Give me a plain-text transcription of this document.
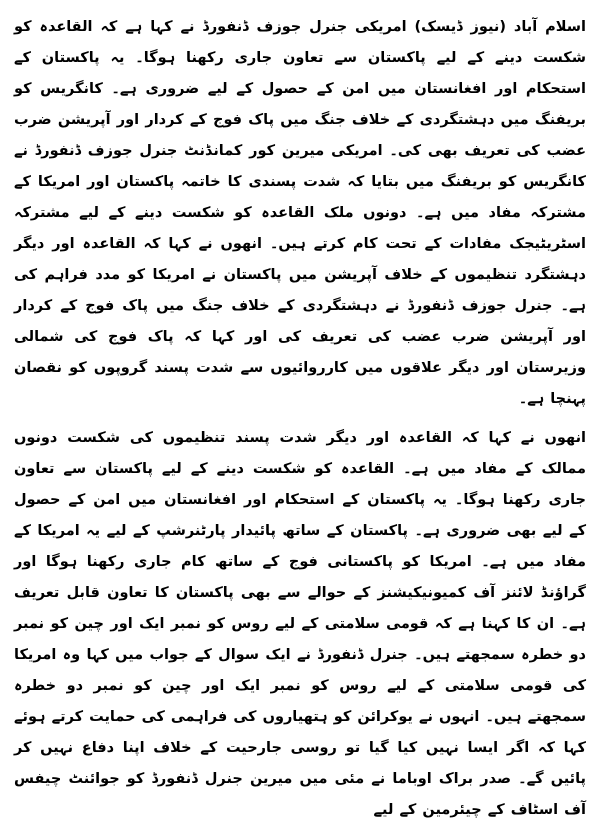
اسلام آباد (نیوز ڈیسک) امریکی جنرل جوزف ڈنفورڈ نے کہا ہے کہ القاعدہ کو شکست دینے کے لیے پاکستان سے تعاون جاری رکھنا ہوگا۔ یہ پاکستان کے استحکام اور افغانستان میں امن کے حصول کے لیے ضروری ہے۔ کانگریس کو بریفنگ میں دہشتگردی کے خلاف جنگ میں پاک فوج کے کردار اور آپریشن ضرب عضب کی تعریف بھی کی۔ امریکی میرین کور کمانڈنٹ جنرل جوزف ڈنفورڈ نے کانگریس کو بریفنگ میں بتایا کہ شدت پسندی کا خاتمہ پاکستان اور امریکا کے مشترکہ مفاد میں ہے۔ دونوں ملک القاعدہ کو شکست دینے کے لیے مشترکہ اسٹریٹیجک مفادات کے تحت کام کرتے ہیں۔ انھوں نے کہا کہ القاعدہ اور دیگر دہشتگرد تنظیموں کے خلاف آپریشن میں پاکستان نے امریکا کو مدد فراہم کی ہے۔ جنرل جوزف ڈنفورڈ نے دہشتگردی کے خلاف جنگ میں پاک فوج کے کردار اور آپریشن ضرب عضب کی تعریف کی اور کہا کہ پاک فوج کی شمالی وزیرستان اور دیگر علاقوں میں کارروائیوں سے شدت پسند گروپوں کو نقصان پہنچا ہے۔

انھوں نے کہا کہ القاعدہ اور دیگر شدت پسند تنظیموں کی شکست دونوں ممالک کے مفاد میں ہے۔ القاعدہ کو شکست دینے کے لیے پاکستان سے تعاون جاری رکھنا ہوگا۔ یہ پاکستان کے استحکام اور افغانستان میں امن کے حصول کے لیے بھی ضروری ہے۔ پاکستان کے ساتھ پائیدار پارٹنرشپ کے لیے یہ امریکا کے مفاد میں ہے۔ امریکا کو پاکستانی فوج کے ساتھ کام جاری رکھنا ہوگا اور گراؤنڈ لائنز آف کمیونیکیشنز کے حوالے سے بھی پاکستان کا تعاون قابل تعریف ہے۔ ان کا کہنا ہے کہ قومی سلامتی کے لیے روس کو نمبر ایک اور چین کو نمبر دو خطرہ سمجھتے ہیں۔ جنرل ڈنفورڈ نے ایک سوال کے جواب میں کہا وہ امریکا کی قومی سلامتی کے لیے روس کو نمبر ایک اور چین کو نمبر دو خطرہ سمجھتے ہیں۔ انہوں نے یوکرائن کو ہتھیاروں کی فراہمی کی حمایت کرتے ہوئے کہا کہ اگر ایسا نہیں کیا گیا تو روسی جارحیت کے خلاف اپنا دفاع نہیں کر پائیں گے۔ صدر براک اوباما نے مئی میں میرین جنرل ڈنفورڈ کو جوائنٹ چیفس آف اسٹاف کے چیئرمین کے لیے
